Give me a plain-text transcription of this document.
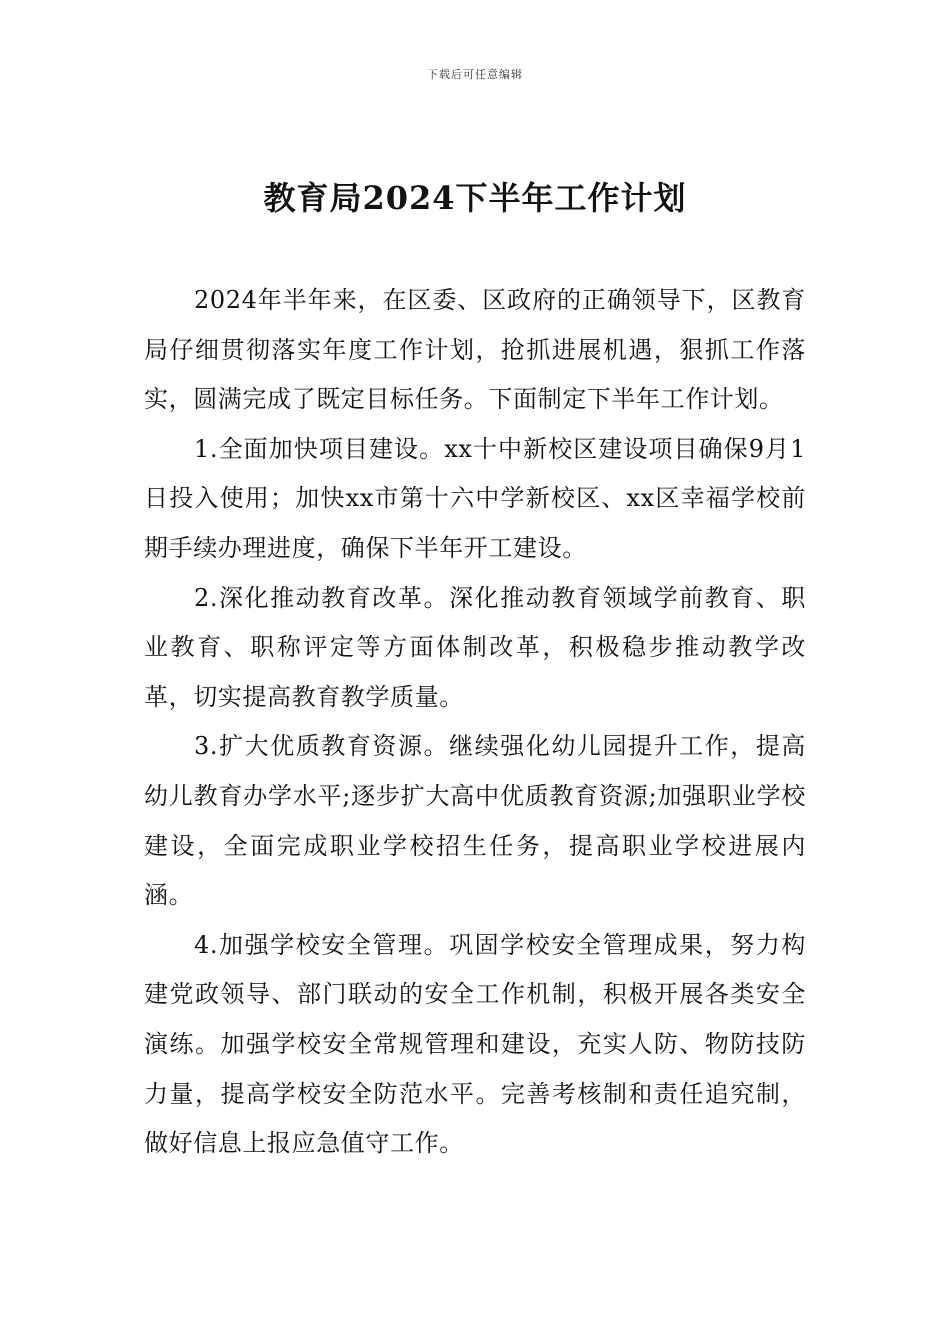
下载后可任意编辑
教育局2024下半年工作计划

2024年半年来，在区委、区政府的正确领导下，区教育局仔细贯彻落实年度工作计划，抢抓进展机遇，狠抓工作落实，圆满完成了既定目标任务。下面制定下半年工作计划。

1.全面加快项目建设。xx十中新校区建设项目确保9月1日投入使用；加快xx市第十六中学新校区、xx区幸福学校前期手续办理进度，确保下半年开工建设。

2.深化推动教育改革。深化推动教育领域学前教育、职业教育、职称评定等方面体制改革，积极稳步推动教学改革，切实提高教育教学质量。

3.扩大优质教育资源。继续强化幼儿园提升工作，提高幼儿教育办学水平;逐步扩大高中优质教育资源;加强职业学校建设，全面完成职业学校招生任务，提高职业学校进展内涵。

4.加强学校安全管理。巩固学校安全管理成果，努力构建党政领导、部门联动的安全工作机制，积极开展各类安全演练。加强学校安全常规管理和建设，充实人防、物防技防力量，提高学校安全防范水平。完善考核制和责任追究制，做好信息上报应急值守工作。
